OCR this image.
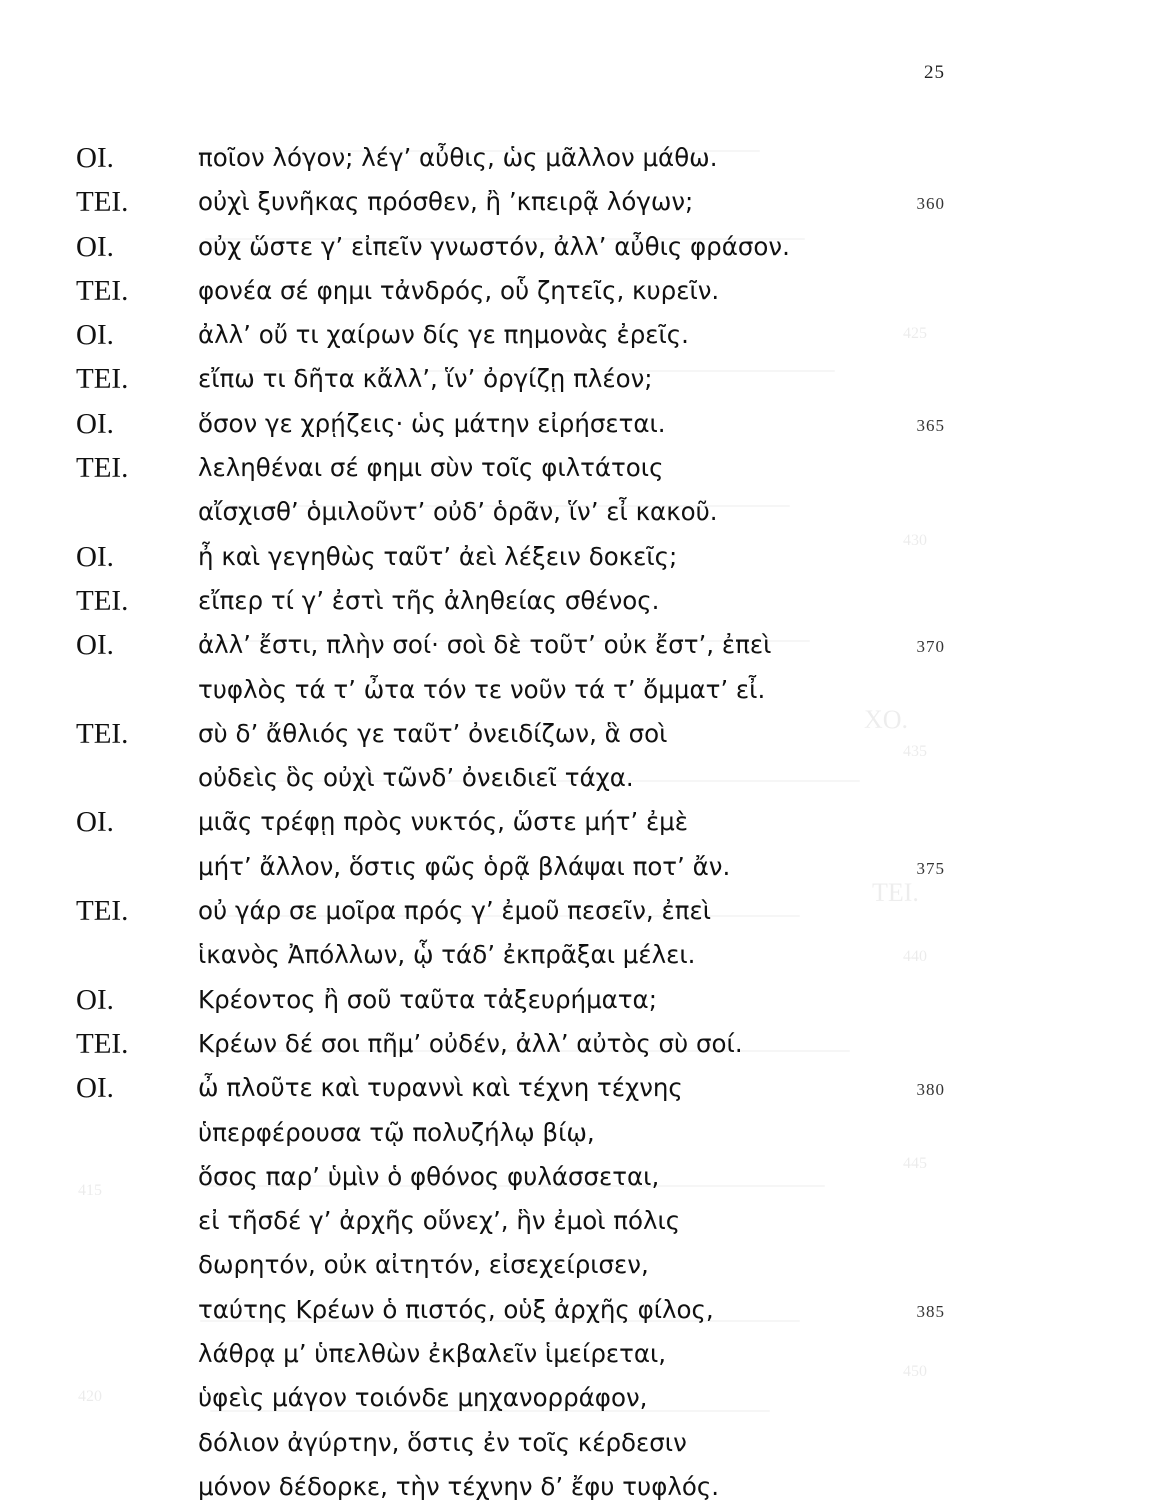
ΧΟ.
ΤΕΙ.
425
430
435
440
445
450
415
420
25
ΟΙ.	ποῖον λόγον; λέγ’ αὖθις, ὡς μᾶλλον μάθω.
ΤΕΙ.	οὐχὶ ξυνῆκας πρόσθεν, ἢ ’κπειρᾷ λόγων;	360
ΟΙ.	οὐχ ὥστε γ’ εἰπεῖν γνωστόν, ἀλλ’ αὖθις φράσον.
ΤΕΙ.	φονέα σέ φημι τἀνδρός, οὗ ζητεῖς, κυρεῖν.
ΟΙ.	ἀλλ’ οὔ τι χαίρων δίς γε πημονὰς ἐρεῖς.
ΤΕΙ.	εἴπω τι δῆτα κἄλλ’, ἵν’ ὀργίζῃ πλέον;
ΟΙ.	ὅσον γε χρῄζεις· ὡς μάτην εἰρήσεται.	365
ΤΕΙ.	λεληθέναι σέ φημι σὺν τοῖς φιλτάτοις
αἴσχισθ’ ὁμιλοῦντ’ οὐδ’ ὁρᾶν, ἵν’ εἶ κακοῦ.
ΟΙ.	ἦ καὶ γεγηθὼς ταῦτ’ ἀεὶ λέξειν δοκεῖς;
ΤΕΙ.	εἴπερ τί γ’ ἐστὶ τῆς ἀληθείας σθένος.
ΟΙ.	ἀλλ’ ἔστι, πλὴν σοί· σοὶ δὲ τοῦτ’ οὐκ ἔστ’, ἐπεὶ	370
τυφλὸς τά τ’ ὦτα τόν τε νοῦν τά τ’ ὄμματ’ εἶ.
ΤΕΙ.	σὺ δ’ ἄθλιός γε ταῦτ’ ὀνειδίζων, ἃ σοὶ
οὐδεὶς ὃς οὐχὶ τῶνδ’ ὀνειδιεῖ τάχα.
ΟΙ.	μιᾶς τρέφῃ πρὸς νυκτός, ὥστε μήτ’ ἐμὲ
μήτ’ ἄλλον, ὅστις φῶς ὁρᾷ βλάψαι ποτ’ ἄν.	375
ΤΕΙ.	οὐ γάρ σε μοῖρα πρός γ’ ἐμοῦ πεσεῖν, ἐπεὶ
ἱκανὸς Ἀπόλλων, ᾧ τάδ’ ἐκπρᾶξαι μέλει.
ΟΙ.	Κρέοντος ἢ σοῦ ταῦτα τἀξευρήματα;
ΤΕΙ.	Κρέων δέ σοι πῆμ’ οὐδέν, ἀλλ’ αὐτὸς σὺ σοί.
ΟΙ.	ὦ πλοῦτε καὶ τυραννὶ καὶ τέχνη τέχνης	380
ὑπερφέρουσα τῷ πολυζήλῳ βίῳ,
ὅσος παρ’ ὑμὶν ὁ φθόνος φυλάσσεται,
εἰ τῆσδέ γ’ ἀρχῆς οὕνεχ’, ἣν ἐμοὶ πόλις
δωρητόν, οὐκ αἰτητόν, εἰσεχείρισεν,
ταύτης Κρέων ὁ πιστός, οὑξ ἀρχῆς φίλος,	385
λάθρᾳ μ’ ὑπελθὼν ἐκβαλεῖν ἱμείρεται,
ὑφεὶς μάγον τοιόνδε μηχανορράφον,
δόλιον ἀγύρτην, ὅστις ἐν τοῖς κέρδεσιν
μόνον δέδορκε, τὴν τέχνην δ’ ἔφυ τυφλός.
